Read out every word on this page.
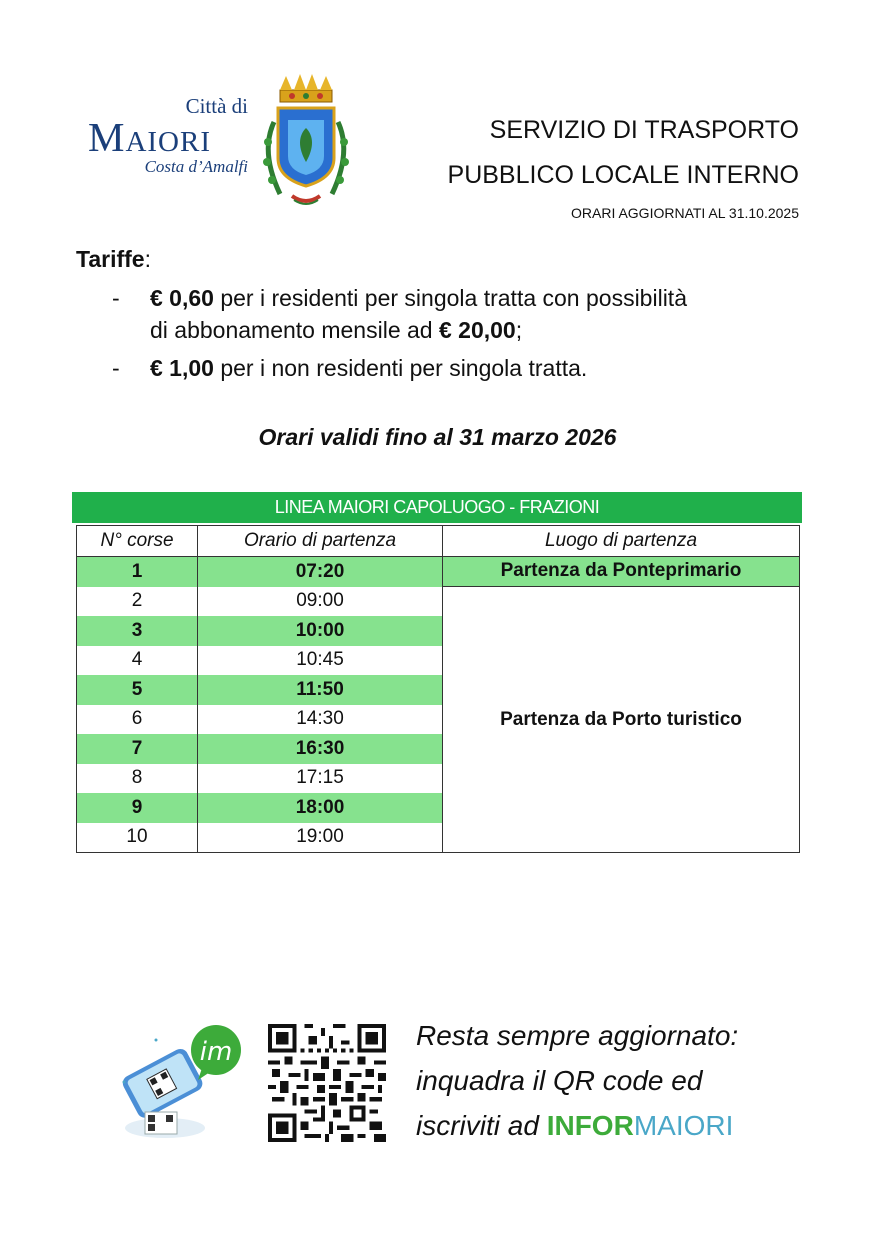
Città di
Maiori
Costa d’Amalfi
SERVIZIO DI TRASPORTO
PUBBLICO LOCALE INTERNO
ORARI AGGIORNATI AL 31.10.2025
Tariffe:
- € 0,60 per i residenti per singola tratta con possibilità
di abbonamento mensile ad € 20,00;
- € 1,00 per i non residenti per singola tratta.
Orari validi fino al 31 marzo 2026
LINEA MAIORI CAPOLUOGO - FRAZIONI
N° corse	Orario di partenza	Luogo di partenza
1	07:20	Partenza da Ponteprimario
2	09:00	Partenza da Porto turistico
3	10:00	
4	10:45	
5	11:50	
6	14:30	
7	16:30	
8	17:15	
9	18:00	
10	19:00	
im
Resta sempre aggiornato:
inquadra il QR code ed
iscriviti ad INFORMAIORI
